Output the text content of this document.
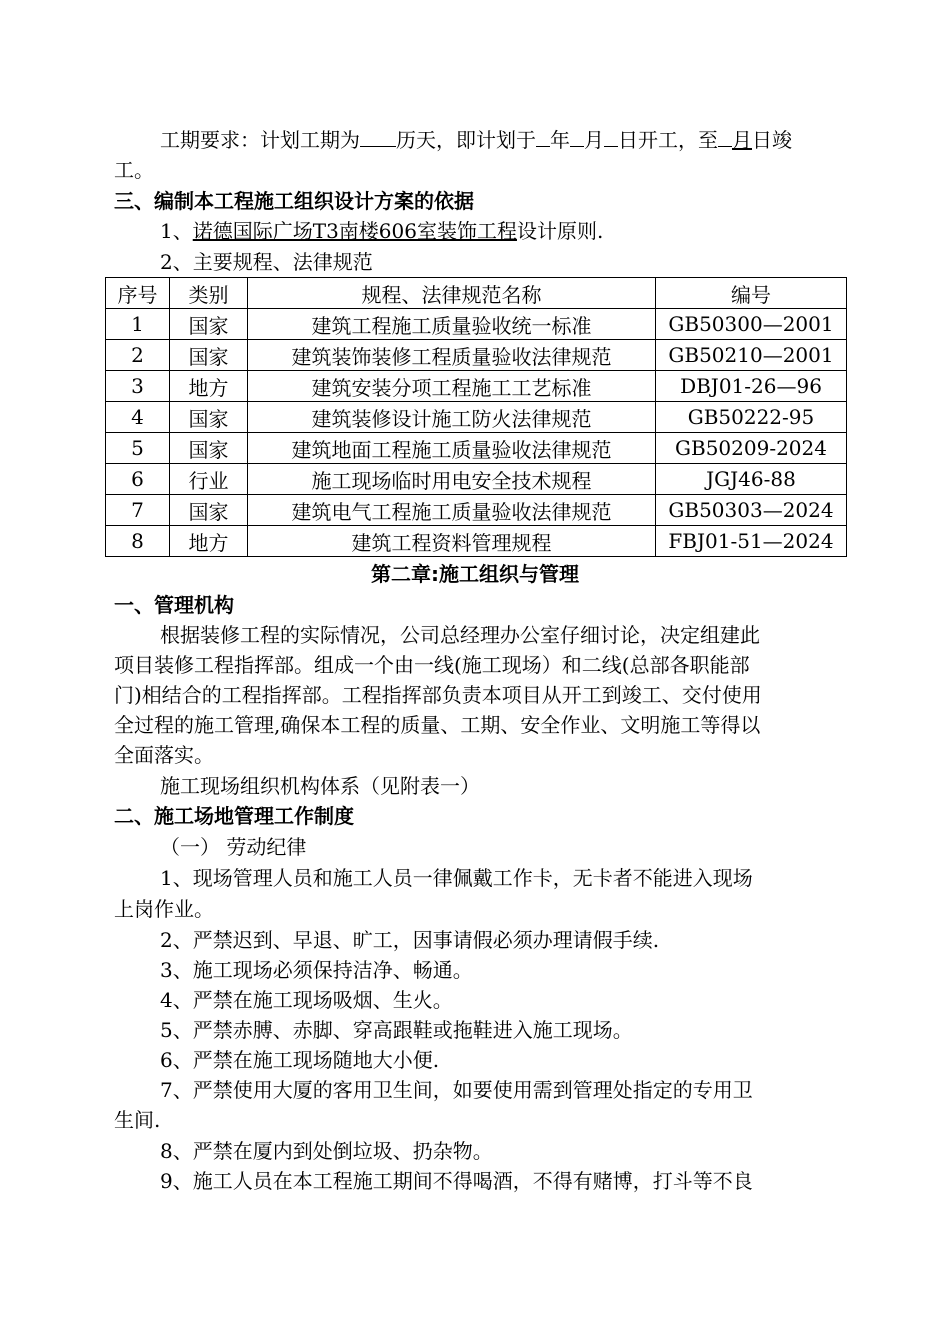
工期要求：计划工期为 历天，即计划于 年 月 日开工，至 月日竣
工。
三、编制本工程施工组织设计方案的依据
1、诺德国际广场T3南楼606室装饰工程设计原则.
2、主要规程、法律规范
序号	类别	规程、法律规范名称	编号
1	国家	建筑工程施工质量验收统一标准	GB50300—2001
2	国家	建筑装饰装修工程质量验收法律规范	GB50210—2001
3	地方	建筑安装分项工程施工工艺标准	DBJ01-26—96
4	国家	建筑装修设计施工防火法律规范	GB50222-95
5	国家	建筑地面工程施工质量验收法律规范	GB50209-2024
6	行业	施工现场临时用电安全技术规程	JGJ46-88
7	国家	建筑电气工程施工质量验收法律规范	GB50303—2024
8	地方	建筑工程资料管理规程	FBJ01-51—2024
第二章:施工组织与管理
一、管理机构
根据装修工程的实际情况，公司总经理办公室仔细讨论，决定组建此
项目装修工程指挥部。组成一个由一线(施工现场）和二线(总部各职能部
门)相结合的工程指挥部。工程指挥部负责本项目从开工到竣工、交付使用
全过程的施工管理,确保本工程的质量、工期、安全作业、文明施工等得以
全面落实。
施工现场组织机构体系（见附表一）
二、施工场地管理工作制度
（一） 劳动纪律
1、现场管理人员和施工人员一律佩戴工作卡，无卡者不能进入现场
上岗作业。
2、严禁迟到、早退、旷工，因事请假必须办理请假手续.
3、施工现场必须保持洁净、畅通。
4、严禁在施工现场吸烟、生火。
5、严禁赤膊、赤脚、穿高跟鞋或拖鞋进入施工现场。
6、严禁在施工现场随地大小便.
7、严禁使用大厦的客用卫生间，如要使用需到管理处指定的专用卫
生间.
8、严禁在厦内到处倒垃圾、扔杂物。
9、施工人员在本工程施工期间不得喝酒，不得有赌博，打斗等不良
